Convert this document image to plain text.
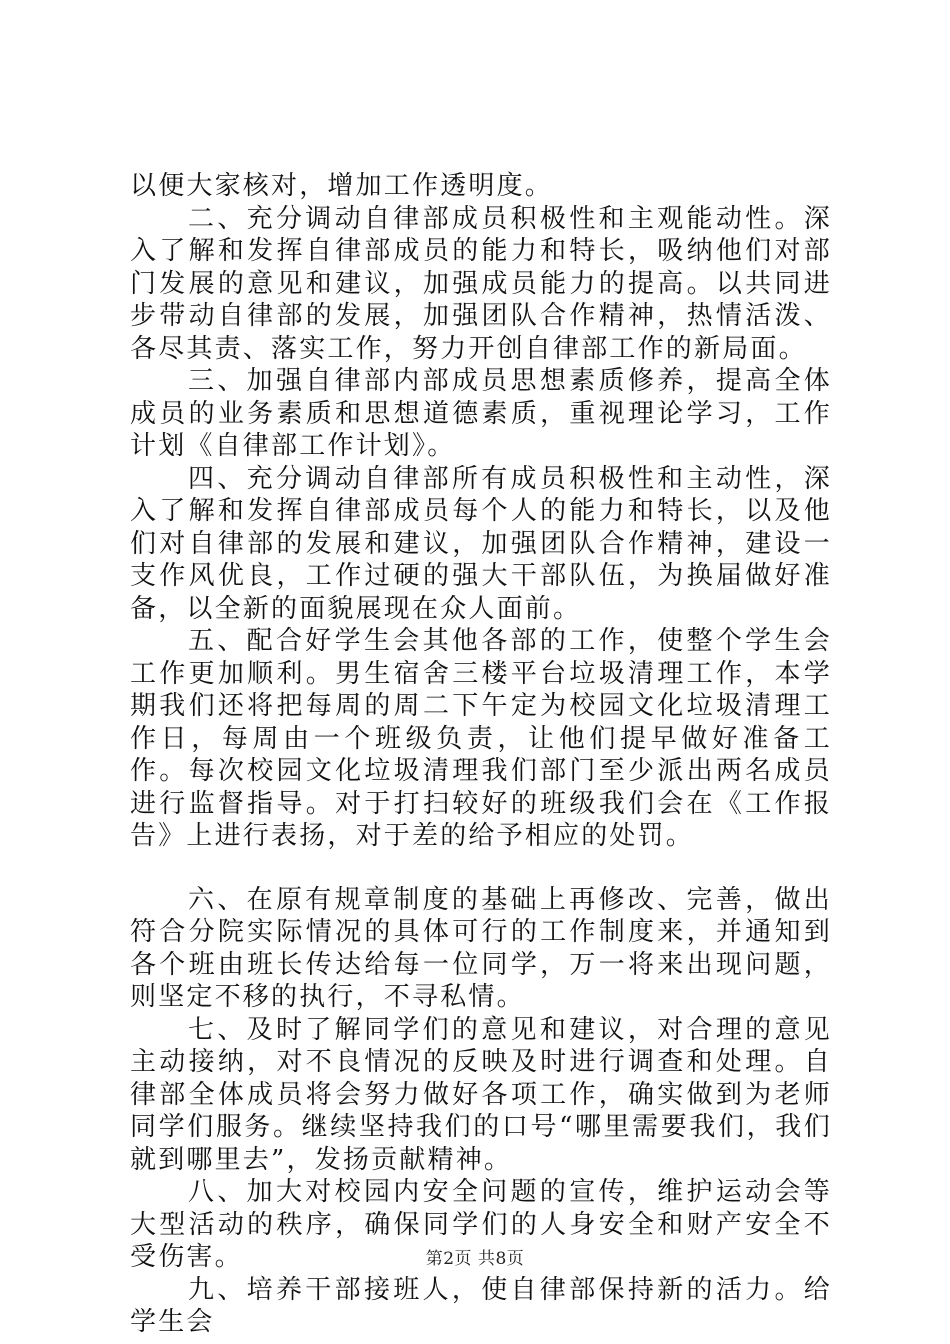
以便大家核对，增加工作透明度。

二、充分调动自律部成员积极性和主观能动性。深入了解和发挥自律部成员的能力和特长，吸纳他们对部门发展的意见和建议，加强成员能力的提高。以共同进步带动自律部的发展，加强团队合作精神，热情活泼、各尽其责、落实工作，努力开创自律部工作的新局面。

三、加强自律部内部成员思想素质修养，提高全体成员的业务素质和思想道德素质，重视理论学习，工作计划《自律部工作计划》。

四、充分调动自律部所有成员积极性和主动性，深入了解和发挥自律部成员每个人的能力和特长，以及他们对自律部的发展和建议，加强团队合作精神，建设一支作风优良，工作过硬的强大干部队伍，为换届做好准备，以全新的面貌展现在众人面前。

五、配合好学生会其他各部的工作，使整个学生会工作更加顺利。男生宿舍三楼平台垃圾清理工作，本学期我们还将把每周的周二下午定为校园文化垃圾清理工作日，每周由一个班级负责，让他们提早做好准备工作。每次校园文化垃圾清理我们部门至少派出两名成员进行监督指导。对于打扫较好的班级我们会在《工作报告》上进行表扬，对于差的给予相应的处罚。

六、在原有规章制度的基础上再修改、完善，做出符合分院实际情况的具体可行的工作制度来，并通知到各个班由班长传达给每一位同学，万一将来出现问题，则坚定不移的执行，不寻私情。

七、及时了解同学们的意见和建议，对合理的意见主动接纳，对不良情况的反映及时进行调查和处理。自律部全体成员将会努力做好各项工作，确实做到为老师同学们服务。继续坚持我们的口号“哪里需要我们，我们就到哪里去”，发扬贡献精神。

八、加大对校园内安全问题的宣传，维护运动会等大型活动的秩序，确保同学们的人身安全和财产安全不受伤害。

九、培养干部接班人，使自律部保持新的活力。给学生会

第2页 共8页
